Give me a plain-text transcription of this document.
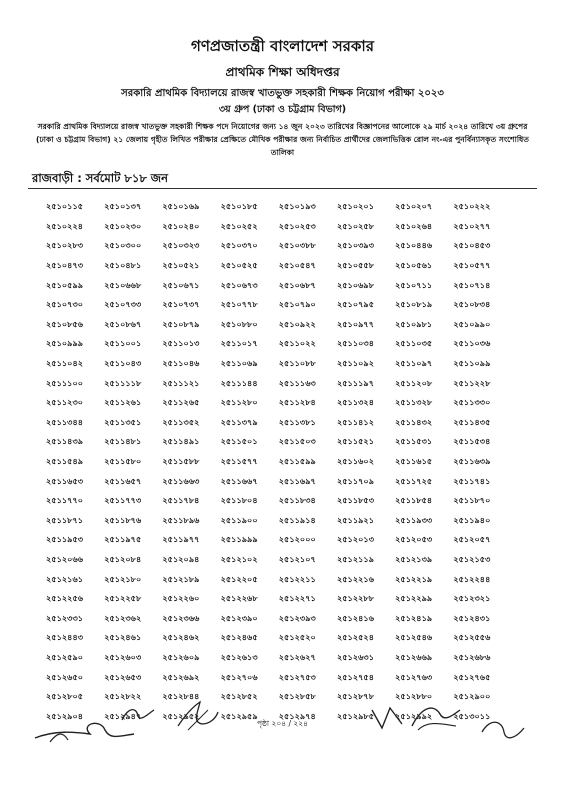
গণপ্রজাতন্ত্রী বাংলাদেশ সরকার
প্রাথমিক শিক্ষা অধিদপ্তর
সরকারি প্রাথমিক বিদ্যালয়ে রাজস্ব খাতভুক্ত সহকারী শিক্ষক নিয়োগ পরীক্ষা ২০২৩
৩য় গ্রুপ (ঢাকা ও চট্টগ্রাম বিভাগ)
সরকারি প্রাথমিক বিদ্যালয়ে রাজস্ব খাতভুক্ত সহকারী শিক্ষক পদে নিয়োগের জন্য ১৪ জুন ২০২৩ তারিখের বিজ্ঞাপনের আলোকে ২৯ মার্চ ২০২৪ তারিখে ৩য় গ্রুপের (ঢাকা ও চট্টগ্রাম বিভাগ) ২১ জেলায় গৃহীত লিখিত পরীক্ষার প্রেক্ষিতে মৌখিক পরীক্ষার জন্য নির্বাচিত প্রার্থীদের জেলাভিত্তিক রোল নং-এর পুনর্বিন্যাসকৃত সংশোধিত তালিকা
রাজবাড়ী : সর্বমোট ৮১৮ জন
২৫১০১১৫	২৫১০১৩৭	২৫১০১৬৯	২৫১০১৮৫	২৫১০১৯৩	২৫১০২০১	২৫১০২০৭	২৫১০২২২
২৫১০২২৪	২৫১০২৩০	২৫১০২৪০	২৫১০২৫২	২৫১০২৫৩	২৫১০২৫৮	২৫১০২৬৪	২৫১০২৭৭
২৫১০২৮৩	২৫১০৩০০	২৫১০৩২৩	২৫১০৩৭০	২৫১০৩৮৮	২৫১০৩৯৩	২৫১০৪৪৬	২৫১০৪৫৩
২৫১০৪৭৩	২৫১০৪৮১	২৫১০৫২১	২৫১০৫২৫	২৫১০৫৪৭	২৫১০৫৫৮	২৫১০৫৬১	২৫১০৫৭৭
২৫১০৫৯৯	২৫১০৬৬৮	২৫১০৬৭১	২৫১০৬৭৩	২৫১০৬৮৭	২৫১০৬৯৮	২৫১০৭১১	২৫১০৭১৪
২৫১০৭৩০	২৫১০৭৩৩	২৫১০৭৩৭	২৫১০৭৭৮	২৫১০৭৯০	২৫১০৭৯৫	২৫১০৮১৯	২৫১০৮৩৪
২৫১০৮৫৬	২৫১০৮৬৭	২৫১০৮৭৯	২৫১০৮৮০	২৫১০৯২২	২৫১০৯৭৭	২৫১০৯৮১	২৫১০৯৯০
২৫১০৯৯৯	২৫১১০০১	২৫১১০১৩	২৫১১০১৭	২৫১১০২২	২৫১১০৩৪	২৫১১০৩৫	২৫১১০৩৬
২৫১১০৪২	২৫১১০৪৩	২৫১১০৪৬	২৫১১০৬৯	২৫১১০৮৮	২৫১১০৯২	২৫১১০৯৭	২৫১১০৯৯
২৫১১১০০	২৫১১১১৮	২৫১১১২১	২৫১১১৪৪	২৫১১১৬৩	২৫১১১৯৭	২৫১১২০৮	২৫১১২২৮
২৫১১২৩০	২৫১১২৬১	২৫১১২৬৫	২৫১১২৮০	২৫১১২৮৪	২৫১১৩২৪	২৫১১৩২৮	২৫১১৩৩০
২৫১১৩৪৪	২৫১১৩৫১	২৫১১৩৫২	২৫১১৩৭৯	২৫১১৩৮১	২৫১১৪১২	২৫১১৪৩২	২৫১১৪৩৫
২৫১১৪৩৯	২৫১১৪৮১	২৫১১৪৯১	২৫১১৫০১	২৫১১৫০৩	২৫১১৫২১	২৫১১৫৩১	২৫১১৫৩৪
২৫১১৫৪৯	২৫১১৫৮০	২৫১১৫৮৮	২৫১১৫৭৭	২৫১১৫৯৯	২৫১১৬০২	২৫১১৬১৫	২৫১১৬৩৯
২৫১১৬৫৩	২৫১১৬৫৭	২৫১১৬৬৩	২৫১১৬৬৭	২৫১১৬৯৭	২৫১১৭০৯	২৫১১৭২৫	২৫১১৭৪১
২৫১১৭৭০	২৫১১৭৭৩	২৫১১৭৮৪	২৫১১৮০৪	২৫১১৮৩৪	২৫১১৮৫৩	২৫১১৮৫৪	২৫১১৮৭০
২৫১১৮৭১	২৫১১৮৭৬	২৫১১৮৯৬	২৫১১৯০০	২৫১১৯১৪	২৫১১৯২১	২৫১১৯৩৩	২৫১১৯৪০
২৫১১৯৫৩	২৫১১৯৭৫	২৫১১৯৭৭	২৫১১৯৯৯	২৫১২০০০	২৫১২০১৩	২৫১২০৫৩	২৫১২০৫৭
২৫১২০৬৬	২৫১২০৮৪	২৫১২০৯৪	২৫১২১০২	২৫১২১০৭	২৫১২১১৯	২৫১২১৩৯	২৫১২১৫৩
২৫১২১৬১	২৫১২১৮০	২৫১২১৮৯	২৫১২২০৫	২৫১২২১১	২৫১২২১৬	২৫১২২১৯	২৫১২২৪৪
২৫১২২৫৬	২৫১২২৫৮	২৫১২২৬০	২৫১২২৬৮	২৫১২২৭১	২৫১২২৮৮	২৫১২২৯৯	২৫১২৩২১
২৫১২৩৩১	২৫১২৩৬২	২৫১২৩৬৬	২৫১২৩৯০	২৫১২৩৯৩	২৫১২৪১৬	২৫১২৪১৯	২৫১২৪৩১
২৫১২৪৪৩	২৫১২৪৬১	২৫১২৪৬২	২৫১২৪৬৫	২৫১২৫২০	২৫১২৫২৪	২৫১২৫৪৬	২৫১২৫৫৬
২৫১২৫৯০	২৫১২৬০৩	২৫১২৬০৯	২৫১২৬১৩	২৫১২৬২৭	২৫১২৬৩১	২৫১২৬৬৯	২৫১২৬৮৬
২৫১২৬৫০	২৫১২৬৫৩	২৫১২৬৯২	২৫১২৭০৬	২৫১২৭৫৩	২৫১২৭৫৪	২৫১২৭৬৩	২৫১২৭৬৫
২৫১২৮০৫	২৫১২৮২২	২৫১২৮৪৪	২৫১২৮৫২	২৫১২৮৫৮	২৫১২৮৭৮	২৫১২৮৮০	২৫১২৯০০
২৫১২৯০৪	২৫১২৯৪৭	২৫১২৯৫২	২৫১২৯৫৯	২৫১২৯৭৪	২৫১২৯৮৫	২৫১২৯৯২	২৫১৩০১১
পৃষ্ঠা ২০৪ / ২২৪
